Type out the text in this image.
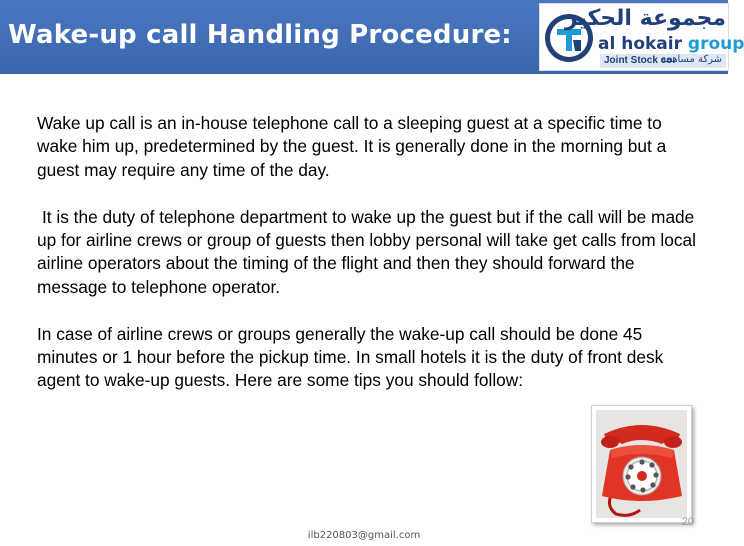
Wake-up call Handling Procedure:
مجموعة الحكير
al hokair group
Joint Stock co.
شركة مساهمة

Wake up call is an in-house telephone call to a sleeping guest at a specific time to wake him up, predetermined by the guest. It is generally done in the morning but a guest may require any time of the day.

It is the duty of telephone department to wake up the guest but if the call will be made up for airline crews or group of guests then lobby personal will take get calls from local airline operators about the timing of the flight and then they should forward the message to telephone operator.

In case of airline crews or groups generally the wake-up call should be done 45 minutes or 1 hour before the pickup time. In small hotels it is the duty of front desk agent to wake-up guests. Here are some tips you should follow:

20
ilb220803@gmail.com
